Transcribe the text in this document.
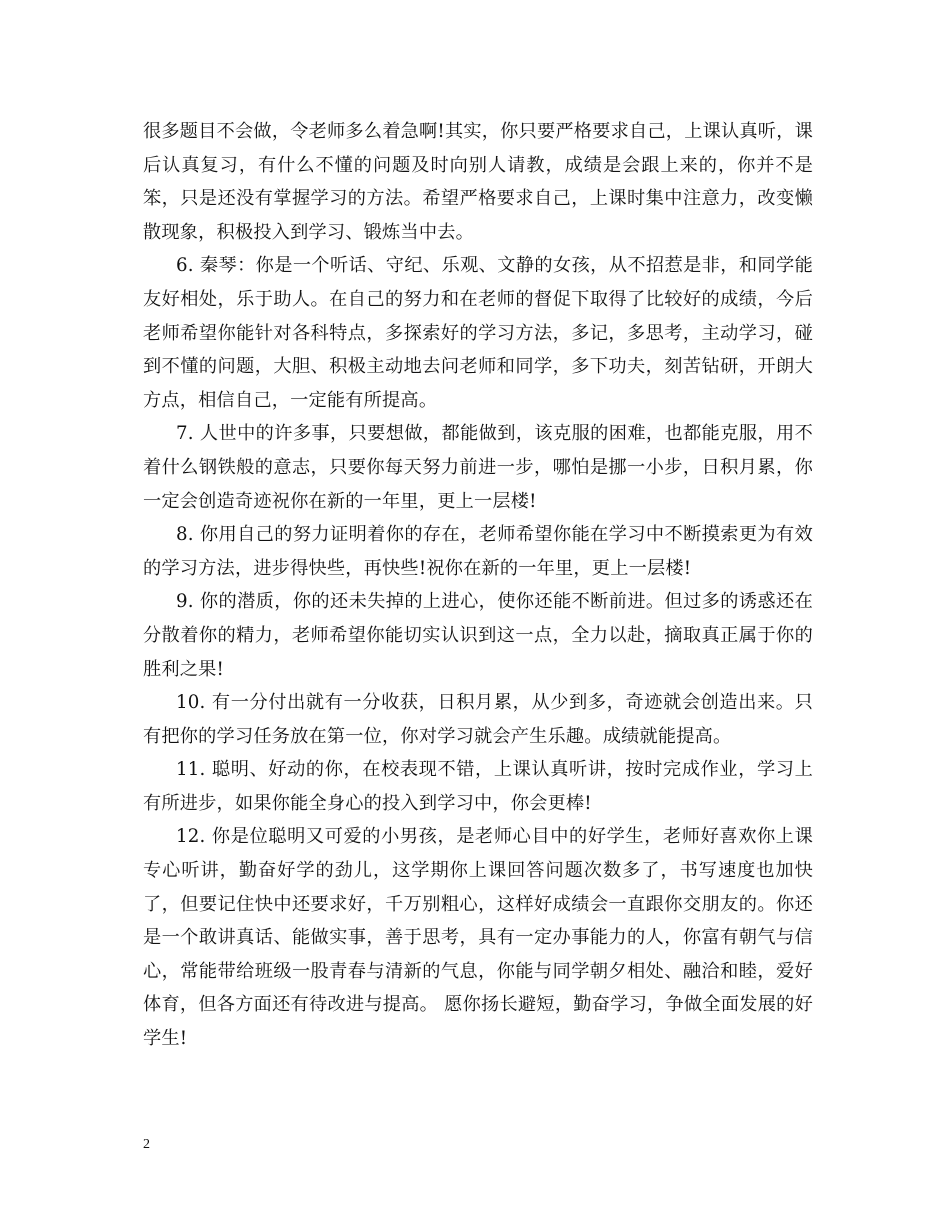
很多题目不会做，令老师多么着急啊!其实，你只要严格要求自己，上课认真听，课后认真复习，有什么不懂的问题及时向别人请教，成绩是会跟上来的，你并不是笨，只是还没有掌握学习的方法。希望严格要求自己，上课时集中注意力，改变懒散现象，积极投入到学习、锻炼当中去。

6. 秦琴：你是一个听话、守纪、乐观、文静的女孩，从不招惹是非，和同学能友好相处，乐于助人。在自己的努力和在老师的督促下取得了比较好的成绩，今后老师希望你能针对各科特点，多探索好的学习方法，多记，多思考，主动学习，碰到不懂的问题，大胆、积极主动地去问老师和同学，多下功夫，刻苦钻研，开朗大方点，相信自己，一定能有所提高。

7. 人世中的许多事，只要想做，都能做到，该克服的困难，也都能克服，用不着什么钢铁般的意志，只要你每天努力前进一步，哪怕是挪一小步，日积月累，你一定会创造奇迹祝你在新的一年里，更上一层楼!

8. 你用自己的努力证明着你的存在，老师希望你能在学习中不断摸索更为有效的学习方法，进步得快些，再快些!祝你在新的一年里，更上一层楼!

9. 你的潜质，你的还未失掉的上进心，使你还能不断前进。但过多的诱惑还在分散着你的精力，老师希望你能切实认识到这一点，全力以赴，摘取真正属于你的胜利之果!

10. 有一分付出就有一分收获，日积月累，从少到多，奇迹就会创造出来。只有把你的学习任务放在第一位，你对学习就会产生乐趣。成绩就能提高。

11. 聪明、好动的你，在校表现不错，上课认真听讲，按时完成作业，学习上有所进步，如果你能全身心的投入到学习中，你会更棒!

12. 你是位聪明又可爱的小男孩，是老师心目中的好学生，老师好喜欢你上课专心听讲，勤奋好学的劲儿，这学期你上课回答问题次数多了，书写速度也加快了，但要记住快中还要求好，千万别粗心，这样好成绩会一直跟你交朋友的。你还是一个敢讲真话、能做实事，善于思考，具有一定办事能力的人，你富有朝气与信心，常能带给班级一股青春与清新的气息，你能与同学朝夕相处、融洽和睦，爱好体育，但各方面还有待改进与提高。 愿你扬长避短，勤奋学习，争做全面发展的好学生!

2
